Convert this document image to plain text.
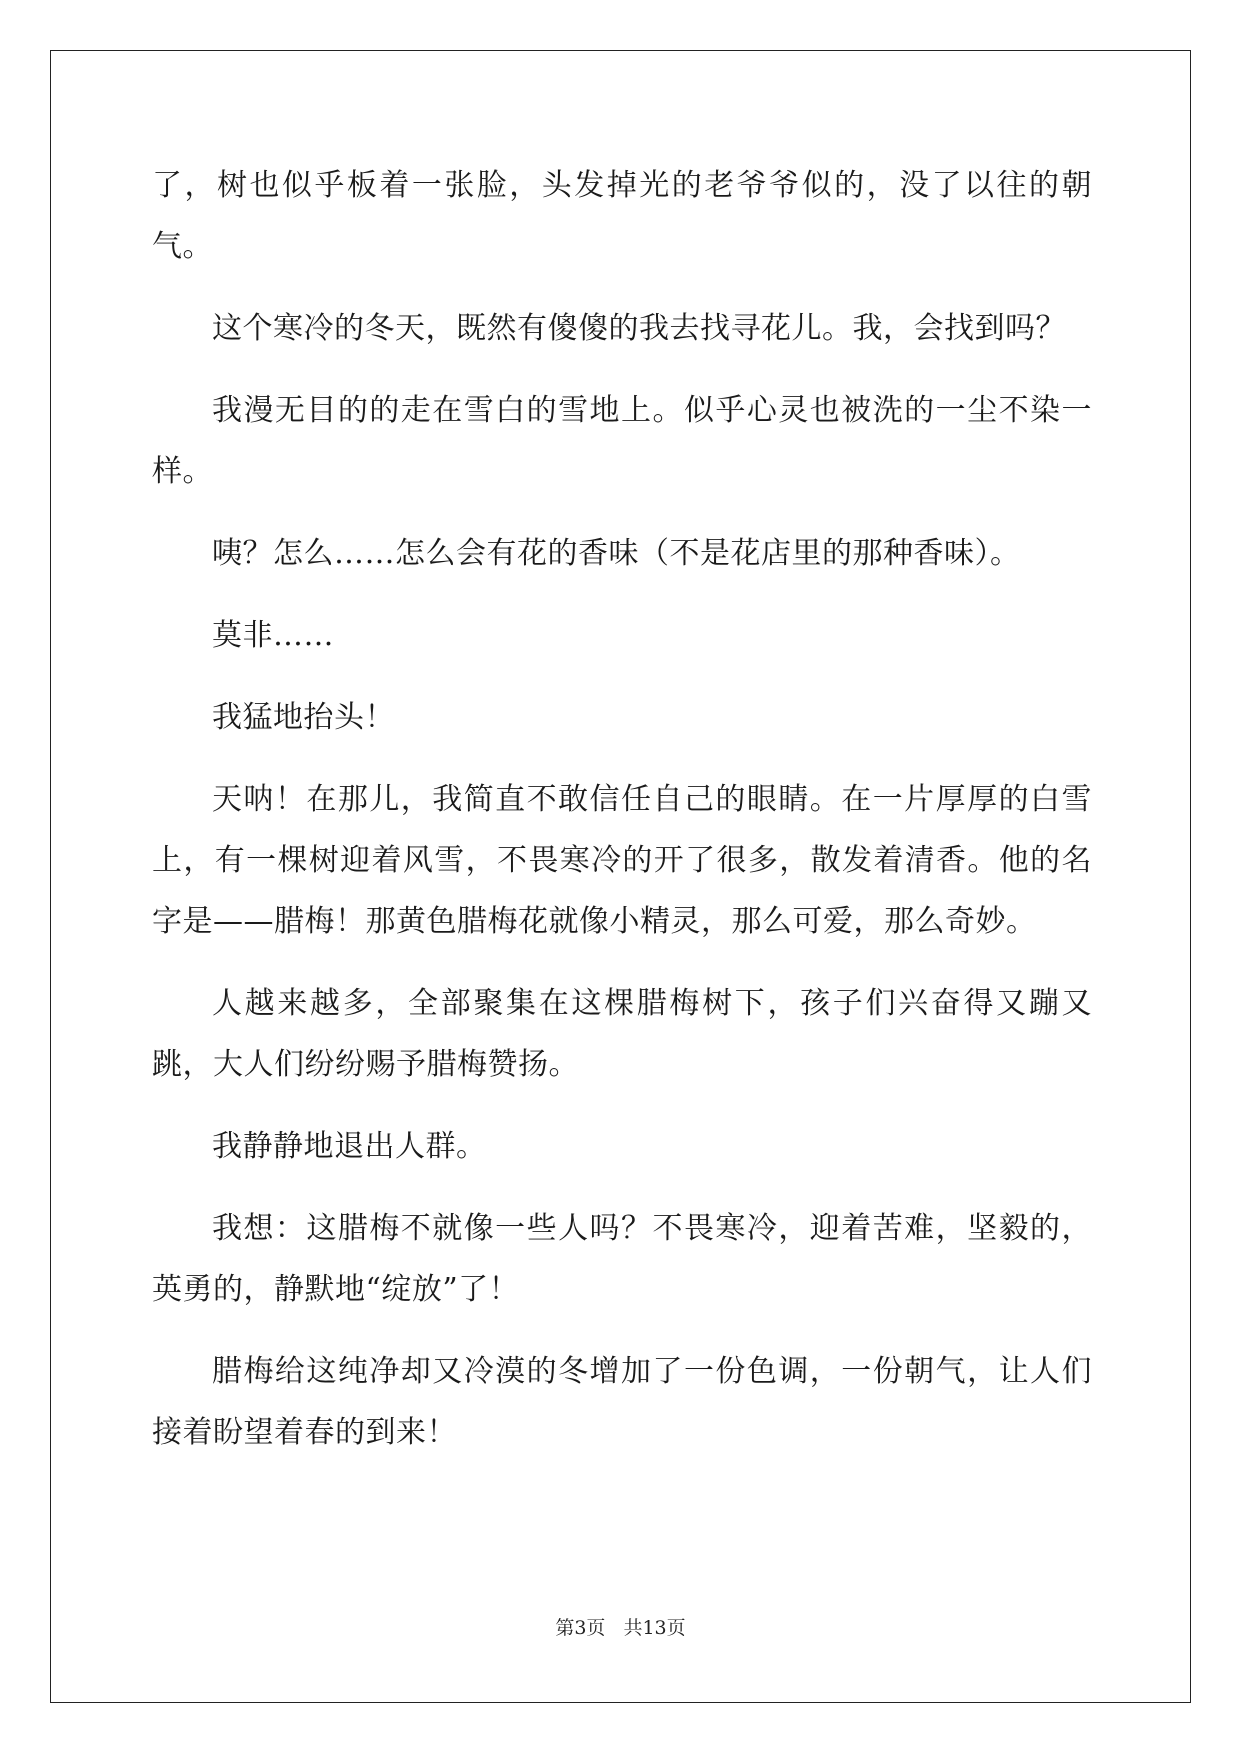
了，树也似乎板着一张脸，头发掉光的老爷爷似的，没了以往的朝气。

这个寒冷的冬天，既然有傻傻的我去找寻花儿。我，会找到吗？

我漫无目的的走在雪白的雪地上。似乎心灵也被洗的一尘不染一样。

咦？怎么……怎么会有花的香味（不是花店里的那种香味）。

莫非……

我猛地抬头！

天呐！在那儿，我简直不敢信任自己的眼睛。在一片厚厚的白雪上，有一棵树迎着风雪，不畏寒冷的开了很多，散发着清香。他的名字是——腊梅！那黄色腊梅花就像小精灵，那么可爱，那么奇妙。

人越来越多，全部聚集在这棵腊梅树下，孩子们兴奋得又蹦又跳，大人们纷纷赐予腊梅赞扬。

我静静地退出人群。

我想：这腊梅不就像一些人吗？不畏寒冷，迎着苦难，坚毅的，英勇的，静默地“绽放”了！

腊梅给这纯净却又冷漠的冬增加了一份色调，一份朝气，让人们接着盼望着春的到来！

第3页 共13页
